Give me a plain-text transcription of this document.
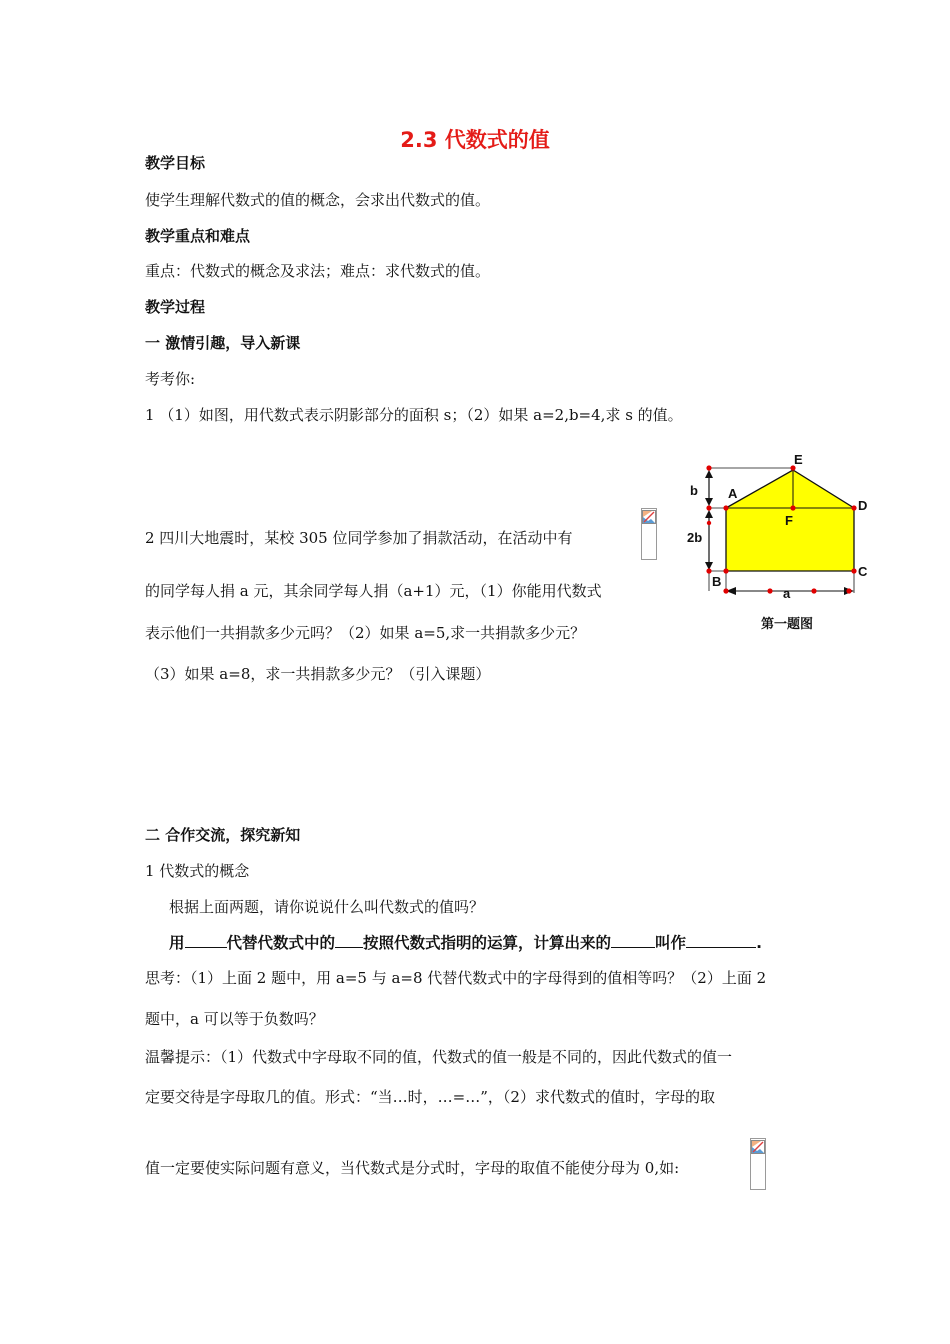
2.3 代数式的值
教学目标
使学生理解代数式的值的概念，会求出代数式的值。
教学重点和难点
重点：代数式的概念及求法；难点：求代数式的值。
教学过程
一 激情引趣，导入新课
考考你:
1 （1）如图，用代数式表示阴影部分的面积 s；（2）如果 a=2,b=4,求 s 的值。
2 四川大地震时，某校 305 位同学参加了捐款活动，在活动中有
的同学每人捐 a 元，其余同学每人捐（a+1）元，（1）你能用代数式
表示他们一共捐款多少元吗？（2）如果 a=5,求一共捐款多少元？
（3）如果 a=8，求一共捐款多少元？（引入课题）
E
A
D
F
C
B
b
2b
a
第一题图
二 合作交流，探究新知
1 代数式的概念
根据上面两题，请你说说什么叫代数式的值吗？
用	代替代数式中的 按照代数式指明的运算，计算出来的	叫作	.
思考：（1）上面 2 题中，用 a=5 与 a=8 代替代数式中的字母得到的值相等吗？（2）上面 2
题中，a 可以等于负数吗？
温馨提示：（1）代数式中字母取不同的值，代数式的值一般是不同的，因此代数式的值一
定要交待是字母取几的值。形式：“当…时，…=…”，（2）求代数式的值时，字母的取
值一定要使实际问题有意义，当代数式是分式时，字母的取值不能使分母为 0,如:
